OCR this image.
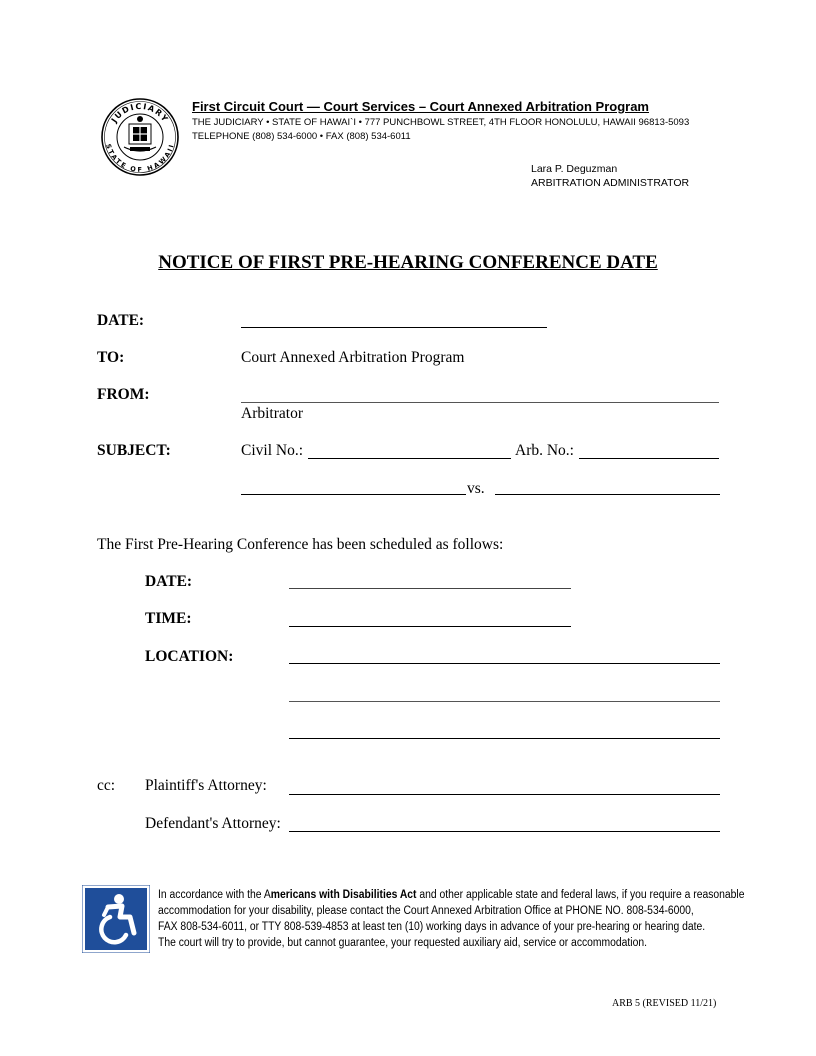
JUDICIARY
STATE OF HAWAII
First Circuit Court — Court Services – Court Annexed Arbitration Program
THE JUDICIARY • STATE OF HAWAI`I • 777 PUNCHBOWL STREET, 4TH FLOOR HONOLULU, HAWAII 96813-5093
TELEPHONE (808) 534-6000 • FAX (808) 534-6011
Lara P. Deguzman
ARBITRATION ADMINISTRATOR
NOTICE OF FIRST PRE-HEARING CONFERENCE DATE
DATE:
TO:	Court Annexed Arbitration Program
FROM:
Arbitrator
SUBJECT:	Civil No.:	Arb. No.:
vs.
The First Pre-Hearing Conference has been scheduled as follows:
DATE:
TIME:
LOCATION:
cc: Plaintiff's Attorney:
Defendant's Attorney:
In accordance with the Americans with Disabilities Act and other applicable state and federal laws, if you require a reasonable
accommodation for your disability, please contact the Court Annexed Arbitration Office at PHONE NO. 808-534-6000,
FAX 808-534-6011, or TTY 808-539-4853 at least ten (10) working days in advance of your pre-hearing or hearing date.
The court will try to provide, but cannot guarantee, your requested auxiliary aid, service or accommodation.
ARB 5 (REVISED 11/21)
